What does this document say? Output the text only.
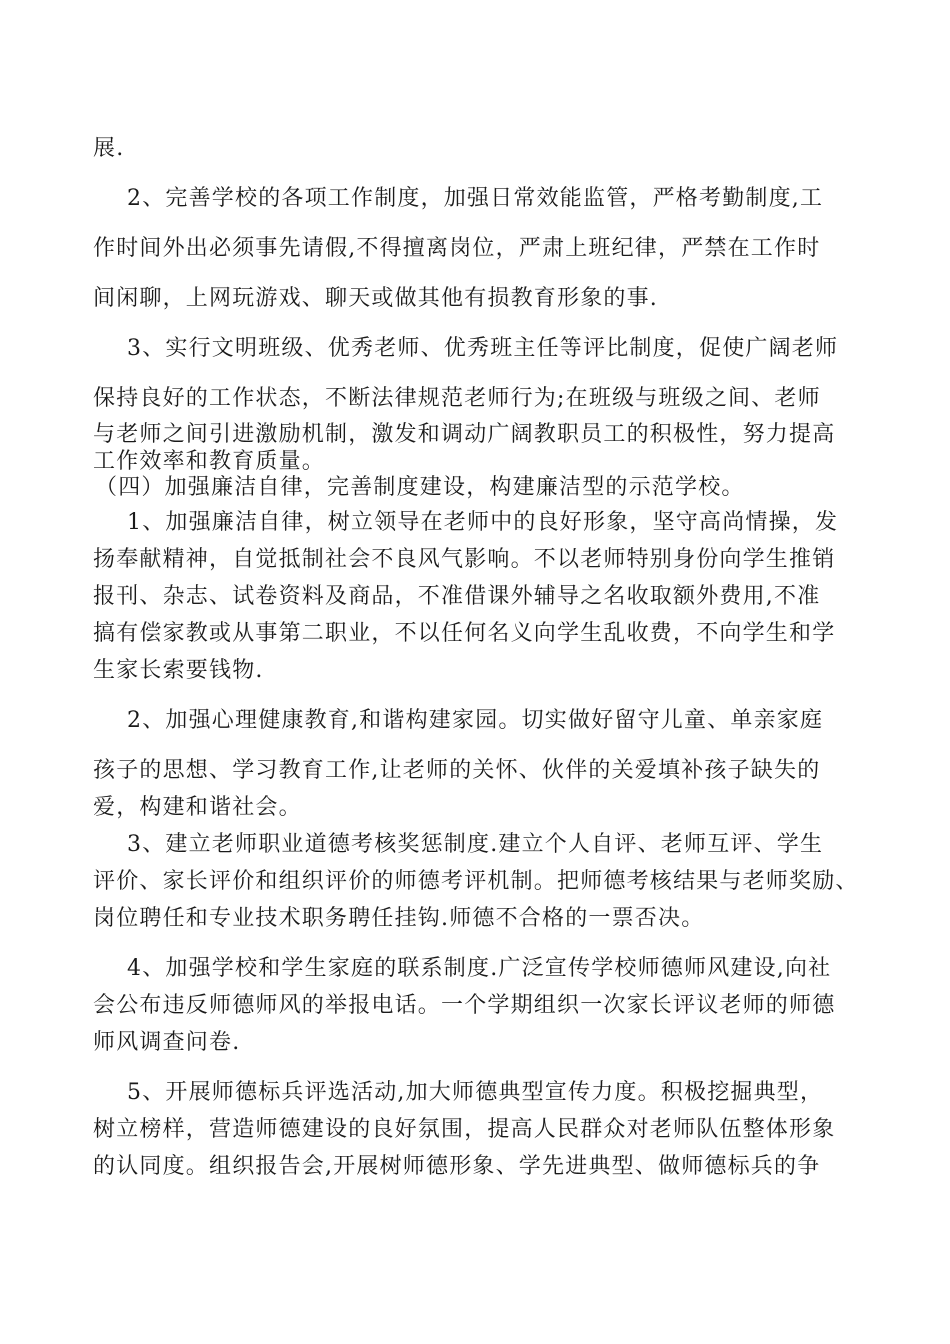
展.
2、完善学校的各项工作制度，加强日常效能监管，严格考勤制度,工
作时间外出必须事先请假,不得擅离岗位，严肃上班纪律，严禁在工作时
间闲聊，上网玩游戏、聊天或做其他有损教育形象的事.
3、实行文明班级、优秀老师、优秀班主任等评比制度，促使广阔老师
保持良好的工作状态，不断法律规范老师行为;在班级与班级之间、老师
与老师之间引进激励机制，激发和调动广阔教职员工的积极性，努力提高
工作效率和教育质量。
（四）加强廉洁自律，完善制度建设，构建廉洁型的示范学校。
1、加强廉洁自律，树立领导在老师中的良好形象，坚守高尚情操，发
扬奉献精神，自觉抵制社会不良风气影响。不以老师特别身份向学生推销
报刊、杂志、试卷资料及商品，不准借课外辅导之名收取额外费用,不准
搞有偿家教或从事第二职业，不以任何名义向学生乱收费，不向学生和学
生家长索要钱物.
2、加强心理健康教育,和谐构建家园。切实做好留守儿童、单亲家庭
孩子的思想、学习教育工作,让老师的关怀、伙伴的关爱填补孩子缺失的
爱，构建和谐社会。
3、建立老师职业道德考核奖惩制度.建立个人自评、老师互评、学生
评价、家长评价和组织评价的师德考评机制。把师德考核结果与老师奖励、
岗位聘任和专业技术职务聘任挂钩.师德不合格的一票否决。
4、加强学校和学生家庭的联系制度.广泛宣传学校师德师风建设,向社
会公布违反师德师风的举报电话。一个学期组织一次家长评议老师的师德
师风调查问卷.
5、开展师德标兵评选活动,加大师德典型宣传力度。积极挖掘典型，
树立榜样，营造师德建设的良好氛围，提高人民群众对老师队伍整体形象
的认同度。组织报告会,开展树师德形象、学先进典型、做师德标兵的争
